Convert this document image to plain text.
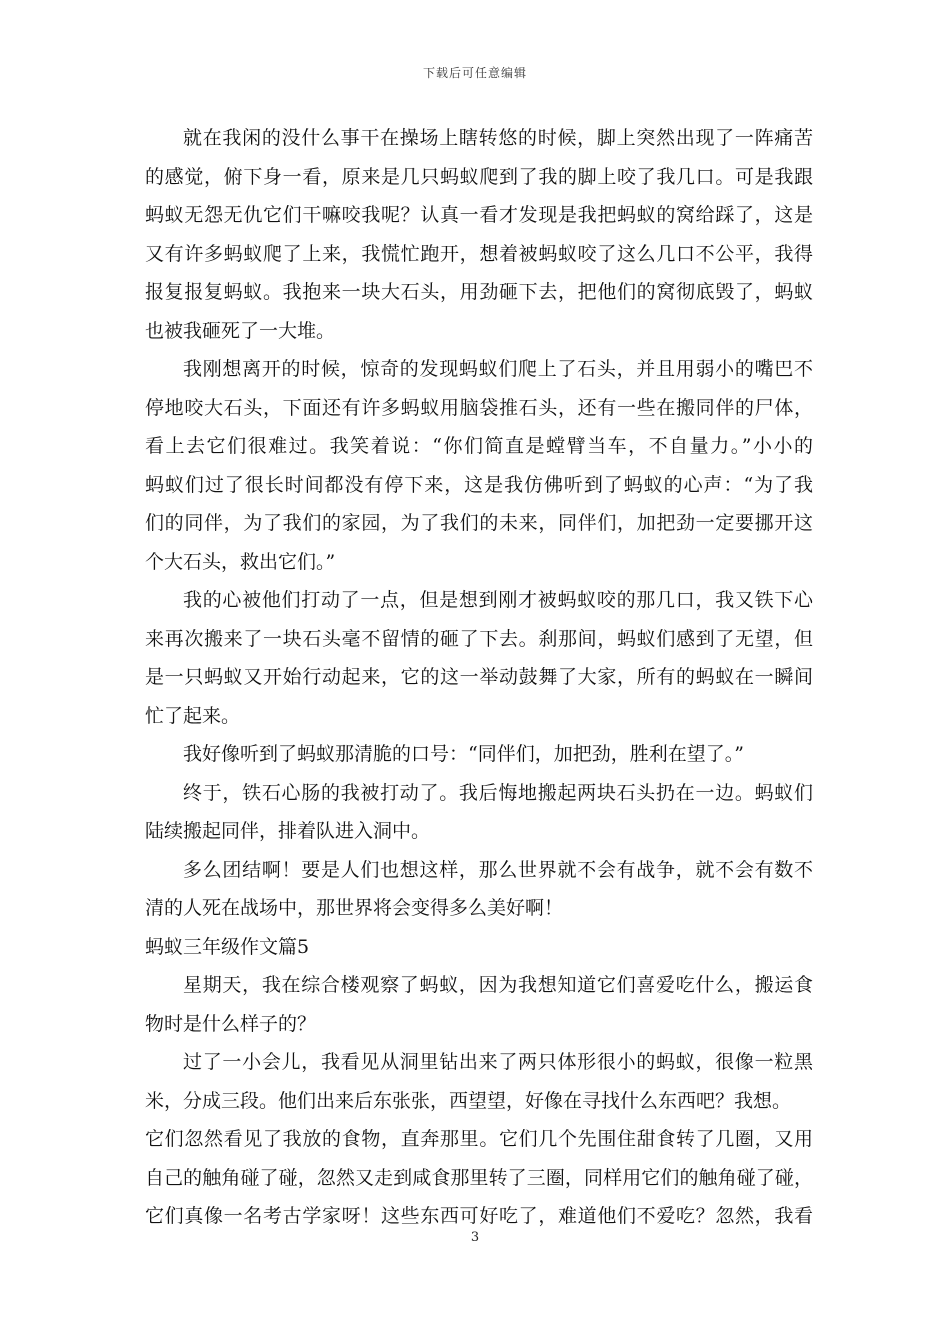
下载后可任意编辑
就在我闲的没什么事干在操场上瞎转悠的时候，脚上突然出现了一阵痛苦
的感觉，俯下身一看，原来是几只蚂蚁爬到了我的脚上咬了我几口。可是我跟
蚂蚁无怨无仇它们干嘛咬我呢？认真一看才发现是我把蚂蚁的窝给踩了，这是
又有许多蚂蚁爬了上来，我慌忙跑开，想着被蚂蚁咬了这么几口不公平，我得
报复报复蚂蚁。我抱来一块大石头，用劲砸下去，把他们的窝彻底毁了，蚂蚁
也被我砸死了一大堆。
我刚想离开的时候，惊奇的发现蚂蚁们爬上了石头，并且用弱小的嘴巴不
停地咬大石头，下面还有许多蚂蚁用脑袋推石头，还有一些在搬同伴的尸体，
看上去它们很难过。我笑着说：“你们简直是螳臂当车，不自量力。”小小的
蚂蚁们过了很长时间都没有停下来，这是我仿佛听到了蚂蚁的心声：“为了我
们的同伴，为了我们的家园，为了我们的未来，同伴们，加把劲一定要挪开这
个大石头，救出它们。”
我的心被他们打动了一点，但是想到刚才被蚂蚁咬的那几口，我又铁下心
来再次搬来了一块石头毫不留情的砸了下去。刹那间，蚂蚁们感到了无望，但
是一只蚂蚁又开始行动起来，它的这一举动鼓舞了大家，所有的蚂蚁在一瞬间
忙了起来。
我好像听到了蚂蚁那清脆的口号：“同伴们，加把劲，胜利在望了。”
终于，铁石心肠的我被打动了。我后悔地搬起两块石头扔在一边。蚂蚁们
陆续搬起同伴，排着队进入洞中。
多么团结啊！要是人们也想这样，那么世界就不会有战争，就不会有数不
清的人死在战场中，那世界将会变得多么美好啊！
蚂蚁三年级作文篇5
星期天，我在综合楼观察了蚂蚁，因为我想知道它们喜爱吃什么，搬运食
物时是什么样子的？
过了一小会儿，我看见从洞里钻出来了两只体形很小的蚂蚁，很像一粒黑
米，分成三段。他们出来后东张张，西望望，好像在寻找什么东西吧？我想。
它们忽然看见了我放的食物，直奔那里。它们几个先围住甜食转了几圈，又用
自己的触角碰了碰，忽然又走到咸食那里转了三圈，同样用它们的触角碰了碰，
它们真像一名考古学家呀！这些东西可好吃了，难道他们不爱吃？忽然，我看
3
